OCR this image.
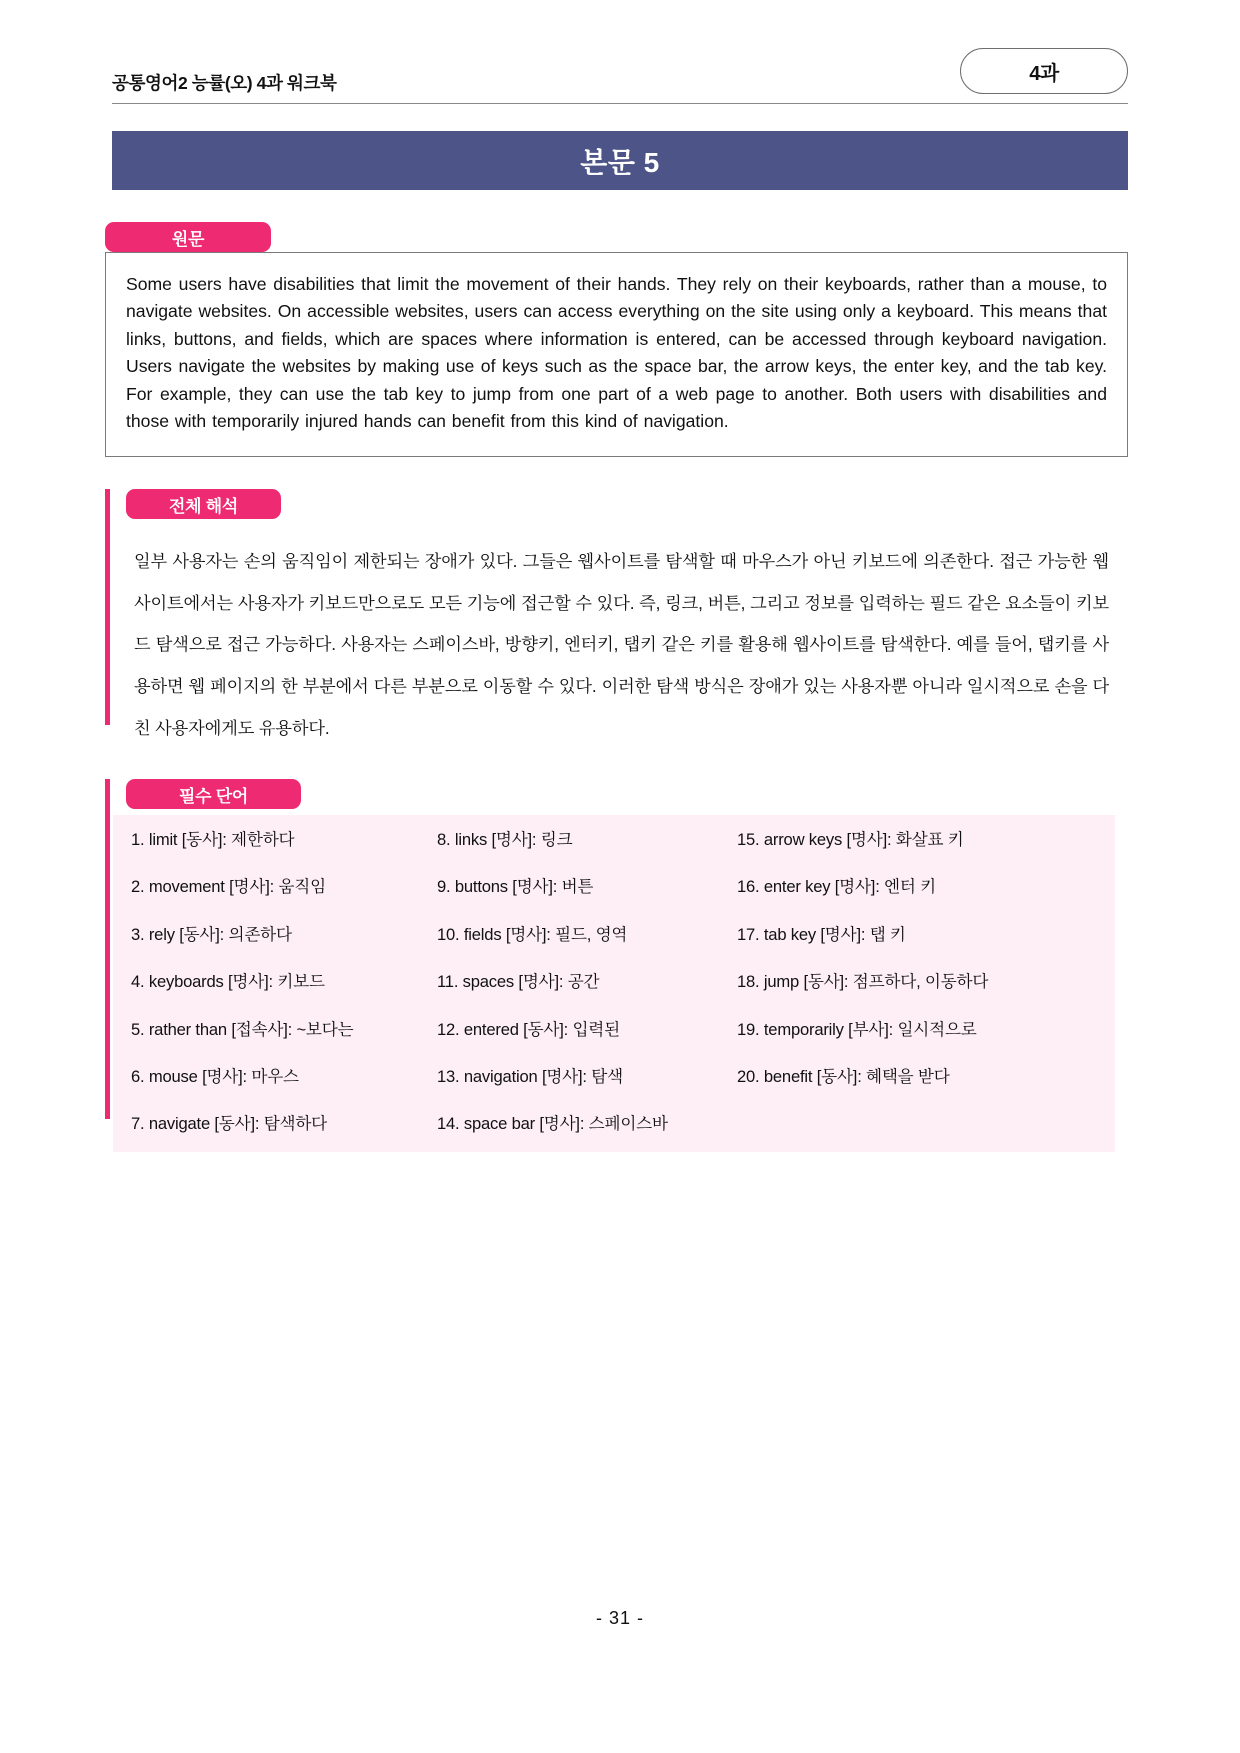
공통영어2 능률(오) 4과 워크북	4과
본문 5
원문
Some users have disabilities that limit the movement of their hands. They rely on their keyboards, rather than a mouse, to navigate websites. On accessible websites, users can access everything on the site using only a keyboard. This means that links, buttons, and fields, which are spaces where information is entered, can be accessed through keyboard navigation. Users navigate the websites by making use of keys such as the space bar, the arrow keys, the enter key, and the tab key. For example, they can use the tab key to jump from one part of a web page to another. Both users with disabilities and those with temporarily injured hands can benefit from this kind of navigation.
전체 해석
일부 사용자는 손의 움직임이 제한되는 장애가 있다. 그들은 웹사이트를 탐색할 때 마우스가 아닌 키보드에 의존한다. 접근 가능한 웹사이트에서는 사용자가 키보드만으로도 모든 기능에 접근할 수 있다. 즉, 링크, 버튼, 그리고 정보를 입력하는 필드 같은 요소들이 키보드 탐색으로 접근 가능하다. 사용자는 스페이스바, 방향키, 엔터키, 탭키 같은 키를 활용해 웹사이트를 탐색한다. 예를 들어, 탭키를 사용하면 웹 페이지의 한 부분에서 다른 부분으로 이동할 수 있다. 이러한 탐색 방식은 장애가 있는 사용자뿐 아니라 일시적으로 손을 다친 사용자에게도 유용하다.
필수 단어
1. limit [동사]: 제한하다
2. movement [명사]: 움직임
3. rely [동사]: 의존하다
4. keyboards [명사]: 키보드
5. rather than [접속사]: ~보다는
6. mouse [명사]: 마우스
7. navigate [동사]: 탐색하다
8. links [명사]: 링크
9. buttons [명사]: 버튼
10. fields [명사]: 필드, 영역
11. spaces [명사]: 공간
12. entered [동사]: 입력된
13. navigation [명사]: 탐색
14. space bar [명사]: 스페이스바
15. arrow keys [명사]: 화살표 키
16. enter key [명사]: 엔터 키
17. tab key [명사]: 탭 키
18. jump [동사]: 점프하다, 이동하다
19. temporarily [부사]: 일시적으로
20. benefit [동사]: 혜택을 받다
- 31 -
